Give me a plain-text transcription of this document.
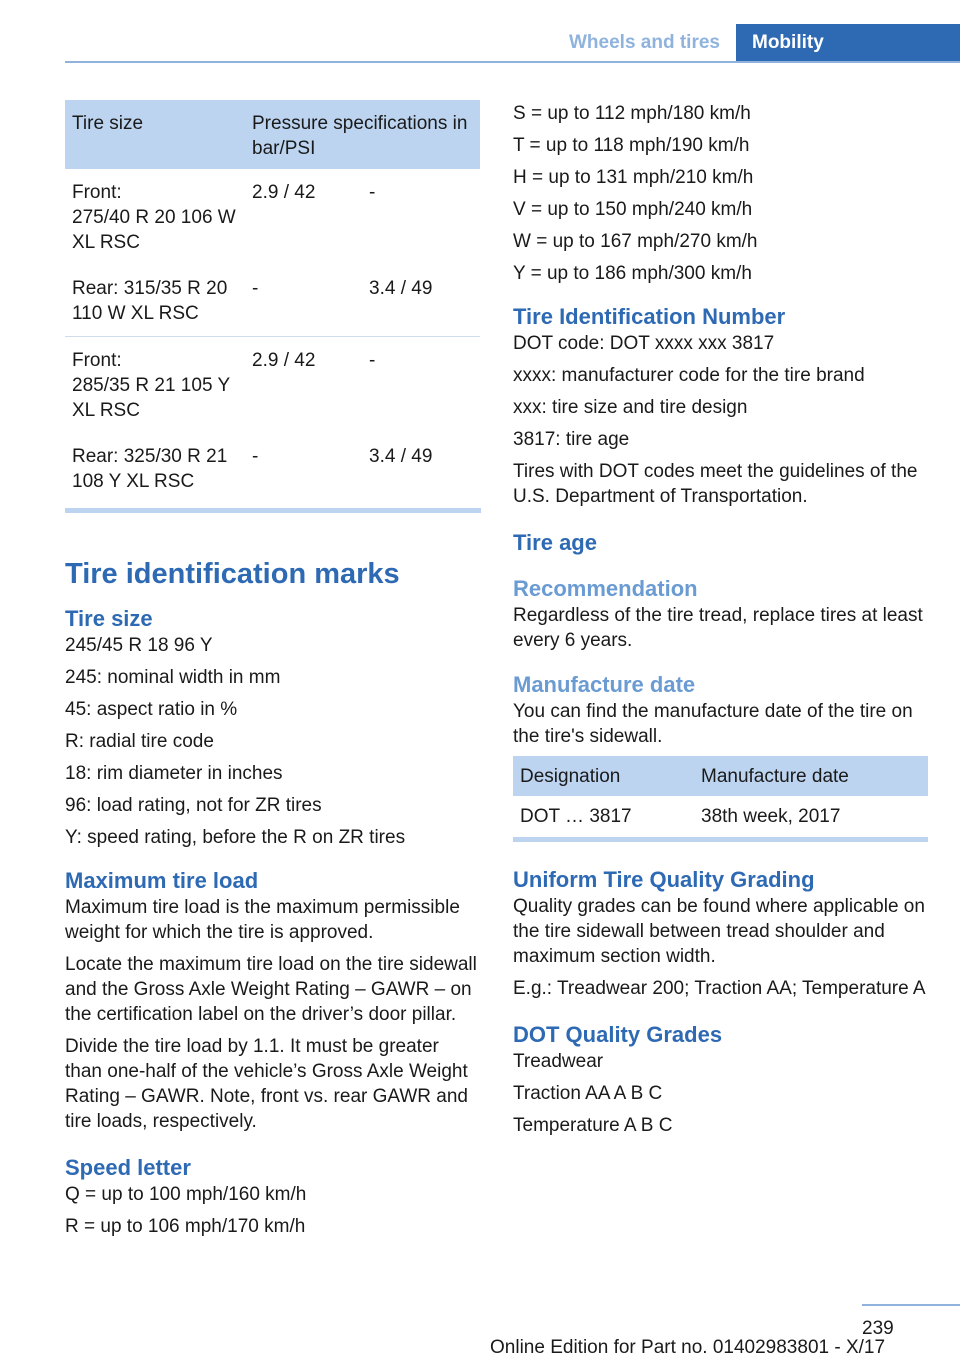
Wheels and tires	Mobility
Tire size	Pressure specifications in bar/PSI	
Front:
275/40 R 20 106 W XL RSC	2.9 / 42	-
Rear: 315/35 R 20 110 W XL RSC	-	3.4 / 49
Front:
285/35 R 21 105 Y XL RSC	2.9 / 42	-
Rear: 325/30 R 21 108 Y XL RSC	-	3.4 / 49
Tire identification marks
Tire size
245/45 R 18 96 Y
245: nominal width in mm
45: aspect ratio in %
R: radial tire code
18: rim diameter in inches
96: load rating, not for ZR tires
Y: speed rating, before the R on ZR tires
Maximum tire load
Maximum tire load is the maximum permissible weight for which the tire is approved.
Locate the maximum tire load on the tire sidewall and the Gross Axle Weight Rating – GAWR – on the certification label on the driver’s door pillar.
Divide the tire load by 1.1. It must be greater than one-half of the vehicle’s Gross Axle Weight Rating – GAWR. Note, front vs. rear GAWR and tire loads, respectively.
Speed letter
Q = up to 100 mph/160 km/h
R = up to 106 mph/170 km/h
S = up to 112 mph/180 km/h
T = up to 118 mph/190 km/h
H = up to 131 mph/210 km/h
V = up to 150 mph/240 km/h
W = up to 167 mph/270 km/h
Y = up to 186 mph/300 km/h
Tire Identification Number
DOT code: DOT xxxx xxx 3817
xxxx: manufacturer code for the tire brand
xxx: tire size and tire design
3817: tire age
Tires with DOT codes meet the guidelines of the U.S. Department of Transportation.
Tire age
Recommendation
Regardless of the tire tread, replace tires at least every 6 years.
Manufacture date
You can find the manufacture date of the tire on the tire's sidewall.
Designation	Manufacture date
DOT … 3817	38th week, 2017
Uniform Tire Quality Grading
Quality grades can be found where applicable on the tire sidewall between tread shoulder and maximum section width.
E.g.: Treadwear 200; Traction AA; Temperature A
DOT Quality Grades
Treadwear
Traction AA A B C
Temperature A B C
239
Online Edition for Part no. 01402983801 - X/17
